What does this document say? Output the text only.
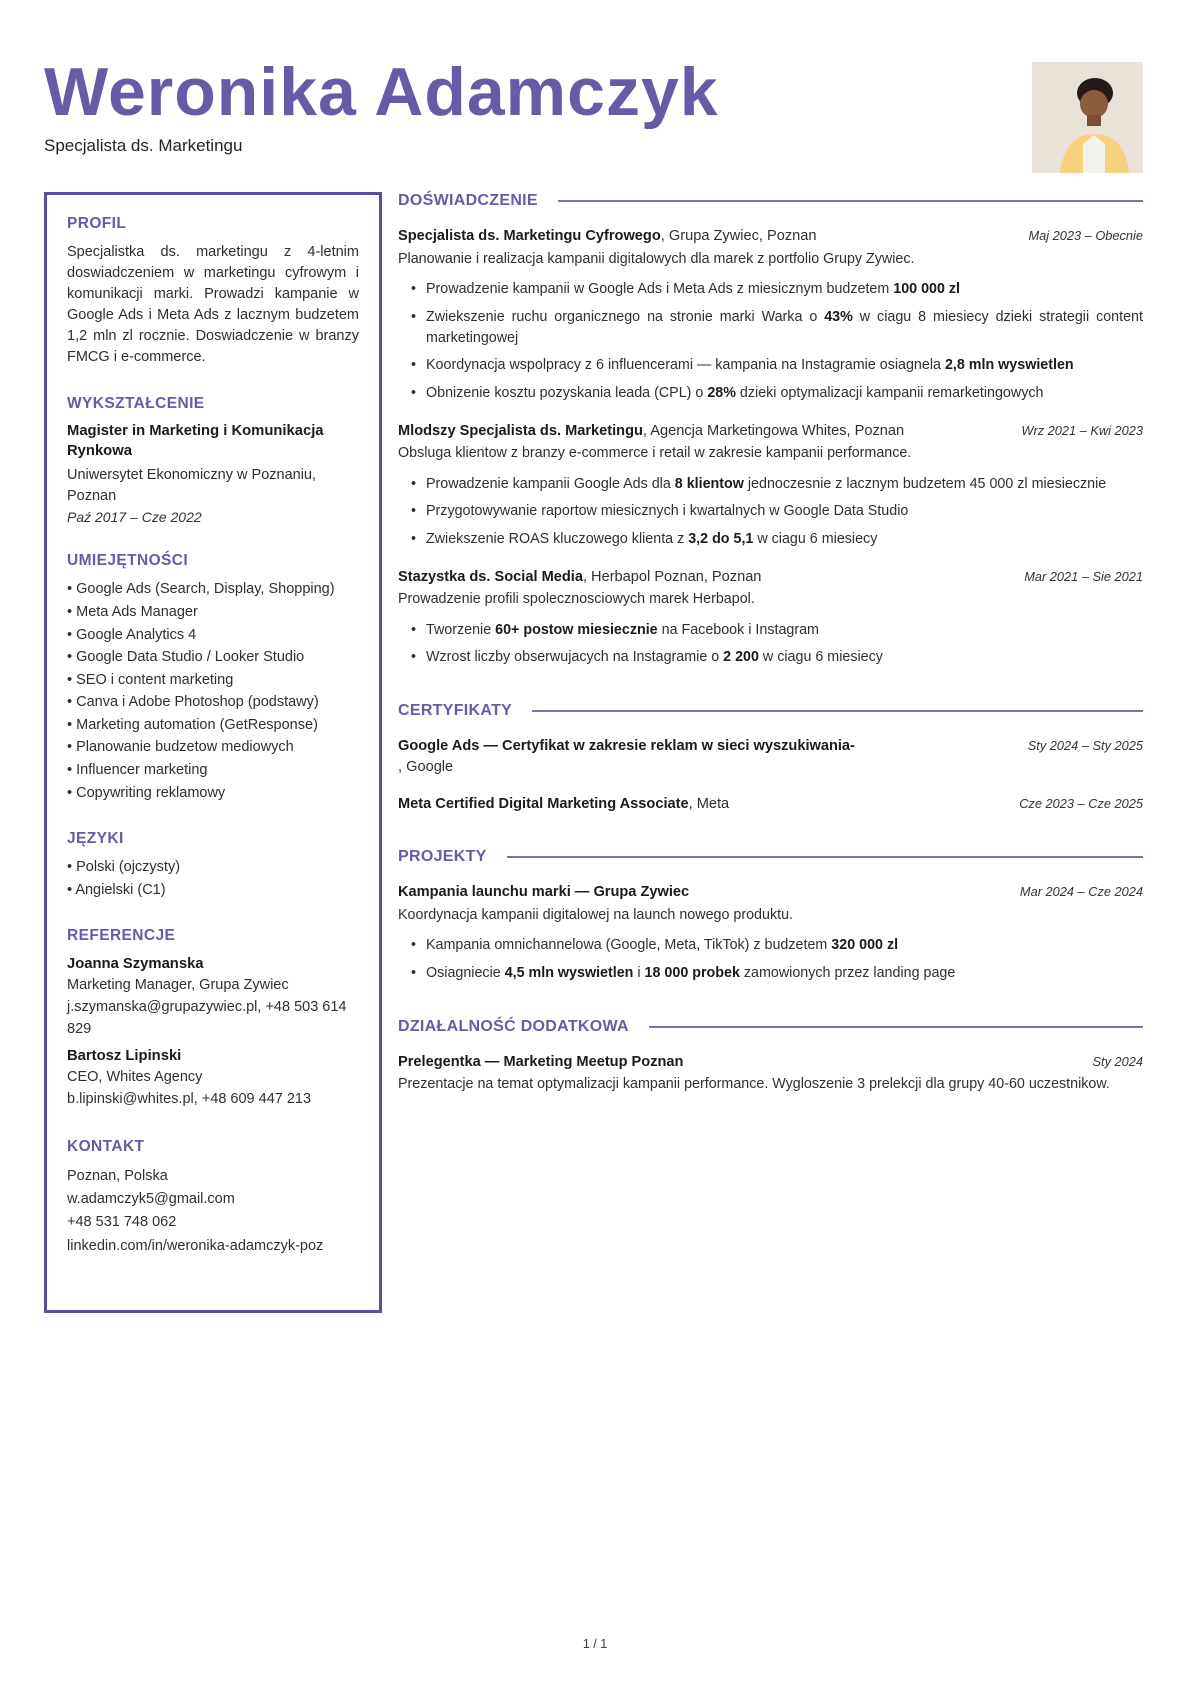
Weronika Adamczyk
Specjalista ds. Marketingu
PROFIL

Specjalistka ds. marketingu z 4-letnim doswiadczeniem w marketingu cyfrowym i komunikacji marki. Prowadzi kampanie w Google Ads i Meta Ads z lacznym budzetem 1,2 mln zl rocznie. Doswiadczenie w branzy FMCG i e-commerce.

WYKSZTAŁCENIE
Magister in Marketing i Komunikacja Rynkowa
Uniwersytet Ekonomiczny w Poznaniu, Poznan
Paź 2017 – Cze 2022
UMIEJĘTNOŚCI
• Google Ads (Search, Display, Shopping)
• Meta Ads Manager
• Google Analytics 4
• Google Data Studio / Looker Studio
• SEO i content marketing
• Canva i Adobe Photoshop (podstawy)
• Marketing automation (GetResponse)
• Planowanie budzetow mediowych
• Influencer marketing
• Copywriting reklamowy
JĘZYKI
• Polski (ojczysty)
• Angielski (C1)
REFERENCJE
Joanna Szymanska
Marketing Manager, Grupa Zywiec
j.szymanska@grupazywiec.pl, +48 503 614 829
Bartosz Lipinski
CEO, Whites Agency
b.lipinski@whites.pl, +48 609 447 213
KONTAKT
Poznan, Polska
w.adamczyk5@gmail.com
+48 531 748 062
linkedin.com/in/weronika-adamczyk-poz
DOŚWIADCZENIE
Specjalista ds. Marketingu Cyfrowego, Grupa Zywiec, Poznan	Maj 2023 – Obecnie

Planowanie i realizacja kampanii digitalowych dla marek z portfolio Grupy Zywiec.

• Prowadzenie kampanii w Google Ads i Meta Ads z miesicznym budzetem 100 000 zl
• Zwiekszenie ruchu organicznego na stronie marki Warka o 43% w ciagu 8 miesiecy dzieki strategii content marketingowej
• Koordynacja wspolpracy z 6 influencerami — kampania na Instagramie osiagnela 2,8 mln wyswietlen
• Obnizenie kosztu pozyskania leada (CPL) o 28% dzieki optymalizacji kampanii remarketingowych
Mlodszy Specjalista ds. Marketingu, Agencja Marketingowa Whites, Poznan	Wrz 2021 – Kwi 2023

Obsluga klientow z branzy e-commerce i retail w zakresie kampanii performance.

• Prowadzenie kampanii Google Ads dla 8 klientow jednoczesnie z lacznym budzetem 45 000 zl miesiecznie
• Przygotowywanie raportow miesicznych i kwartalnych w Google Data Studio
• Zwiekszenie ROAS kluczowego klienta z 3,2 do 5,1 w ciagu 6 miesiecy
Stazystka ds. Social Media, Herbapol Poznan, Poznan	Mar 2021 – Sie 2021

Prowadzenie profili spolecznosciowych marek Herbapol.

• Tworzenie 60+ postow miesiecznie na Facebook i Instagram
• Wzrost liczby obserwujacych na Instagramie o 2 200 w ciagu 6 miesiecy
CERTYFIKATY
Google Ads — Certyfikat w zakresie reklam w sieci wyszukiwania-	Sty 2024 – Sty 2025
, Google
Meta Certified Digital Marketing Associate, Meta	Cze 2023 – Cze 2025
PROJEKTY
Kampania launchu marki — Grupa Zywiec	Mar 2024 – Cze 2024

Koordynacja kampanii digitalowej na launch nowego produktu.

• Kampania omnichannelowa (Google, Meta, TikTok) z budzetem 320 000 zl
• Osiagniecie 4,5 mln wyswietlen i 18 000 probek zamowionych przez landing page
DZIAŁALNOŚĆ DODATKOWA
Prelegentka — Marketing Meetup Poznan	Sty 2024

Prezentacje na temat optymalizacji kampanii performance. Wygloszenie 3 prelekcji dla grupy 40-60 uczestnikow.

1 / 1
